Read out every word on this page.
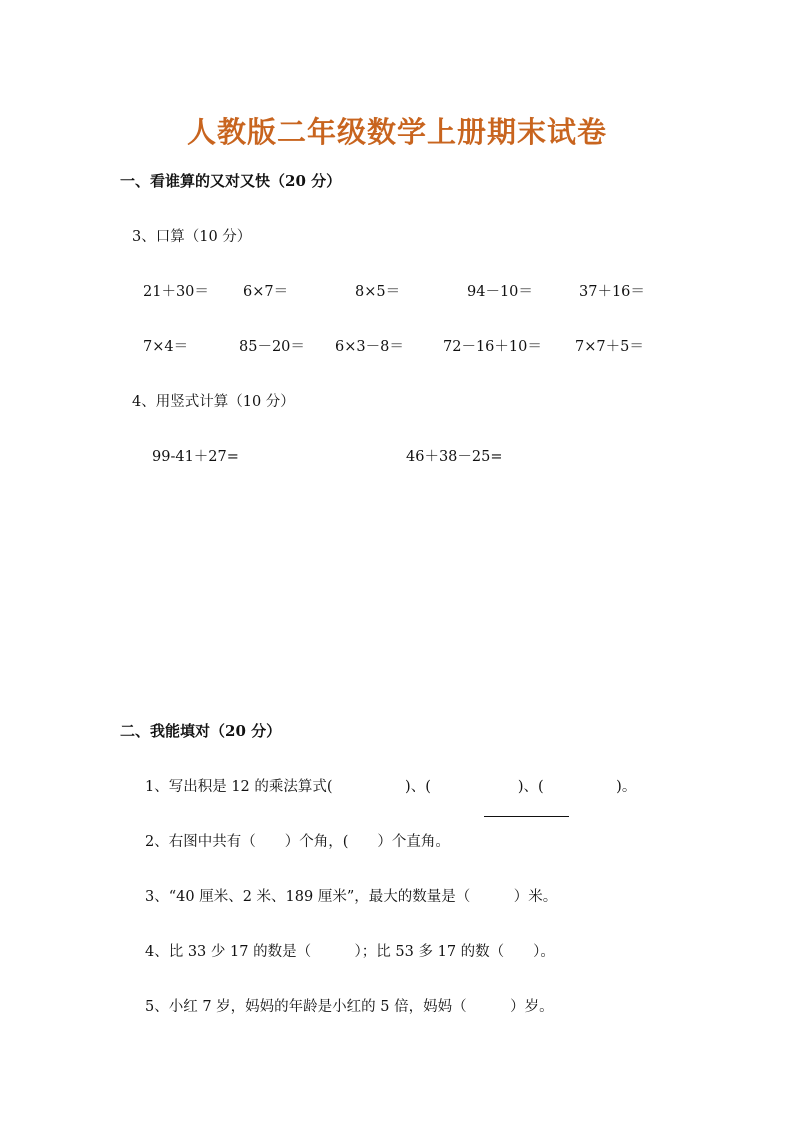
人教版二年级数学上册期末试卷
一、看谁算的又对又快（20 分）
3、口算（10 分）
21＋30＝ 6×7＝	8×5＝	94－10＝	37＋16＝
7×4＝	85－20＝ 6×3－8＝	72－16＋10＝ 7×7＋5＝
4、用竖式计算（10 分）
99-41＋27=	46＋38－25=
二、我能填对（20 分）
1、写出积是 12 的乘法算式(　　　　　)、(　　　　　　)、(　　　　　)。
2、右图中共有（　　）个角，(　　）个直角。
3、“40 厘米、2 米、189 厘米”，最大的数量是（　　　）米。
4、比 33 少 17 的数是（　　　）；比 53 多 17 的数（　　）。
5、小红 7 岁，妈妈的年龄是小红的 5 倍，妈妈（　　　）岁。
